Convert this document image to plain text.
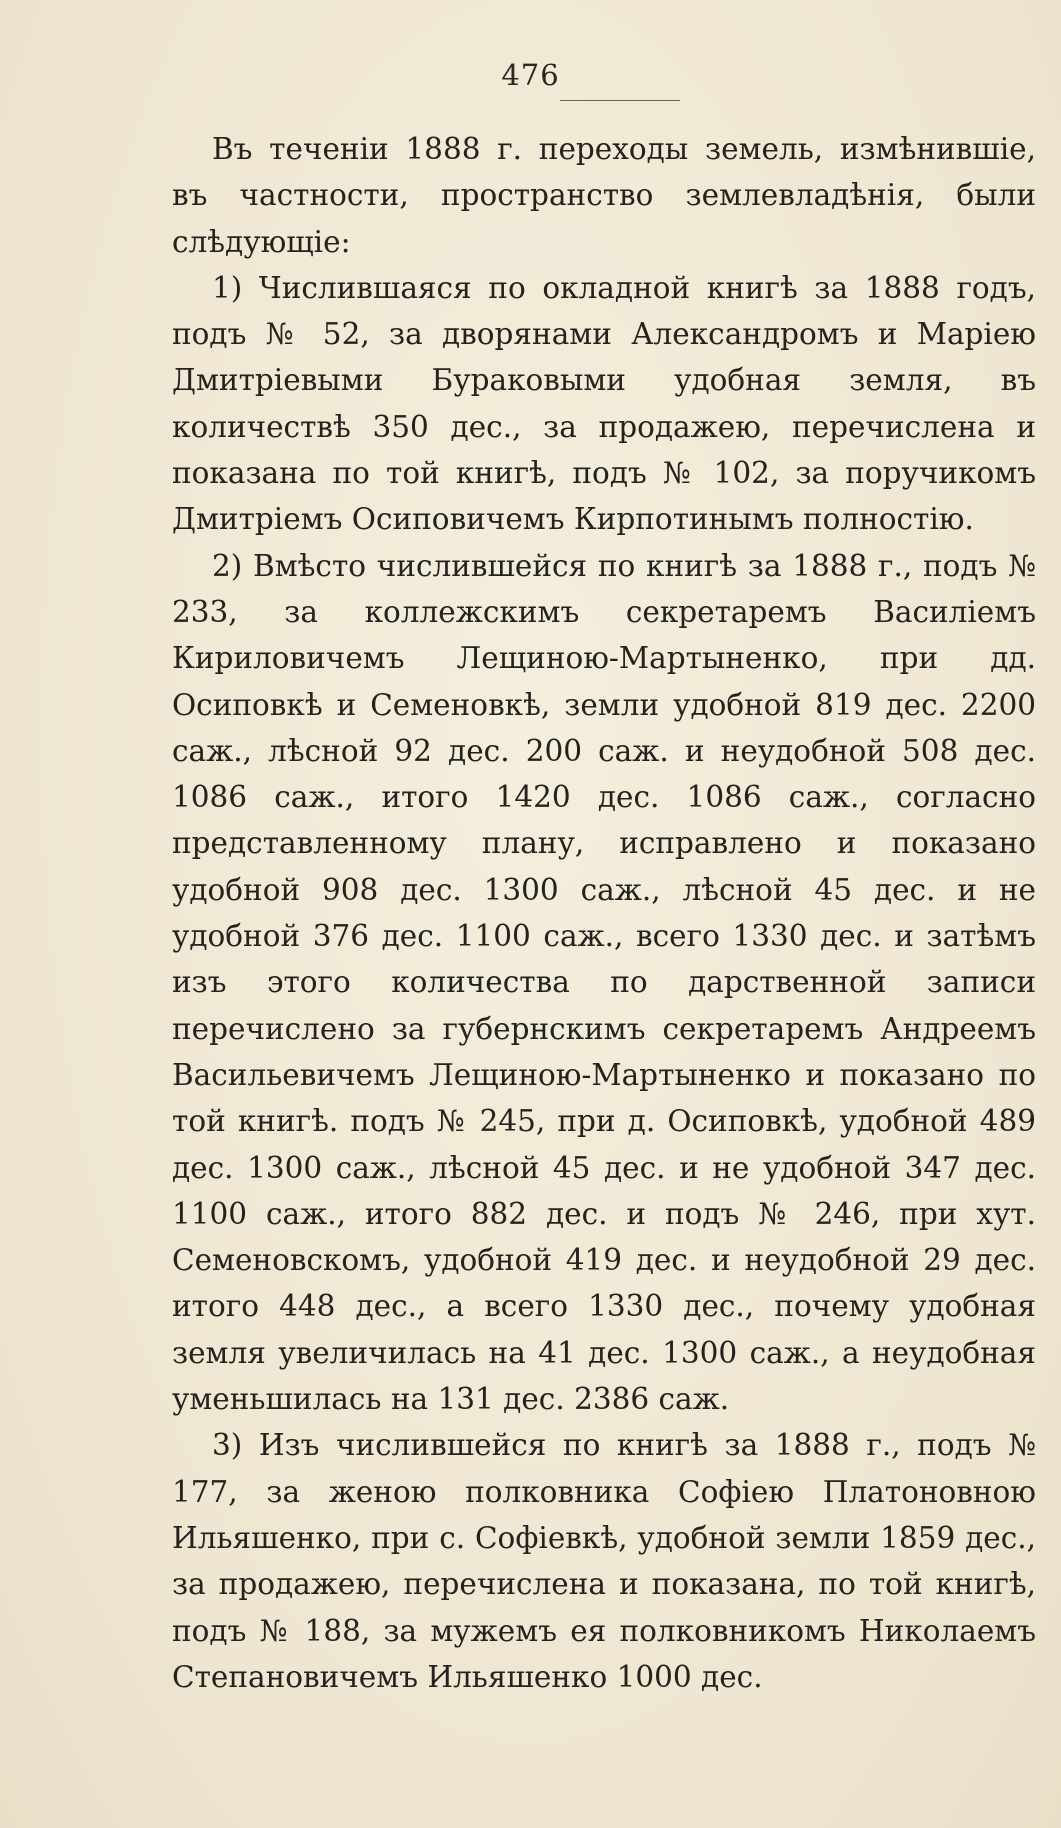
476

Въ теченіи 1888 г. переходы земель, измѣнившіе, въ частности, пространство землевладѣнія, были слѣдующіе:

1) Числившаяся по окладной книгѣ за 1888 годъ, подъ № 52, за дворянами Александромъ и Маріею Дмитріевыми Бураковыми удобная земля, въ количествѣ 350 дес., за продажею, перечислена и показана по той книгѣ, подъ № 102, за поручикомъ Дмитріемъ Осиповичемъ Кирпотинымъ полностію.

2) Вмѣсто числившейся по книгѣ за 1888 г., подъ № 233, за коллежскимъ секретаремъ Василіемъ Кириловичемъ Лещиною-Мартыненко, при дд. Осиповкѣ и Семеновкѣ, земли удобной 819 дес. 2200 саж., лѣсной 92 дес. 200 саж. и неудобной 508 дес. 1086 саж., итого 1420 дес. 1086 саж., согласно представленному плану, исправлено и показано удобной 908 дес. 1300 саж., лѣсной 45 дес. и не удобной 376 дес. 1100 саж., всего 1330 дес. и затѣмъ изъ этого количества по дарственной записи перечислено за губернскимъ секретаремъ Андреемъ Васильевичемъ Лещиною-Мартыненко и показано по той книгѣ. подъ № 245, при д. Осиповкѣ, удобной 489 дес. 1300 саж., лѣсной 45 дес. и не удобной 347 дес. 1100 саж., итого 882 дес. и подъ № 246, при хут. Семеновскомъ, удобной 419 дес. и неудобной 29 дес. итого 448 дес., а всего 1330 дес., почему удобная земля увеличилась на 41 дес. 1300 саж., а неудобная уменьшилась на 131 дес. 2386 саж.

3) Изъ числившейся по книгѣ за 1888 г., подъ № 177, за женою полковника Софіею Платоновною Ильяшенко, при с. Софіевкѣ, удобной земли 1859 дес., за продажею, перечислена и показана, по той книгѣ, подъ № 188, за мужемъ ея полковникомъ Николаемъ Степановичемъ Ильяшенко 1000 дес.
